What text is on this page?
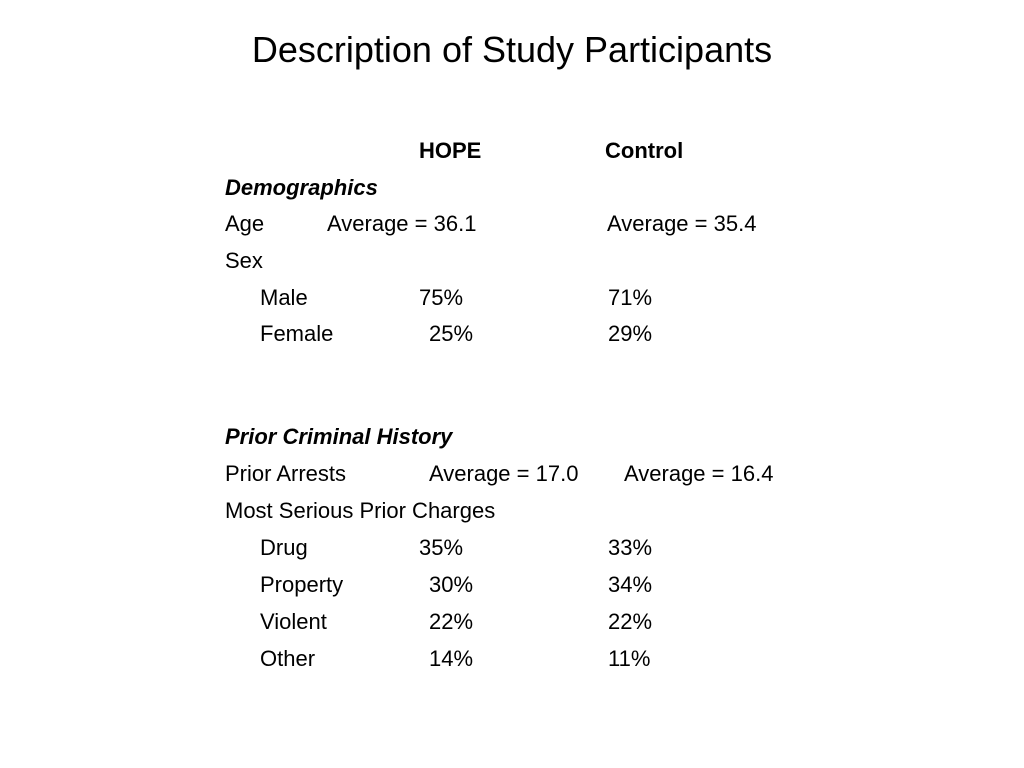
Description of Study Participants
HOPE	Control
Demographics
Age	Average = 36.1	Average = 35.4
Sex
Male	75%	71%
Female	25%	29%
Prior Criminal History
Prior Arrests	Average = 17.0 Average = 16.4
Most Serious Prior Charges
Drug	35%	33%
Property	30%	34%
Violent	22%	22%
Other	14%	11%
